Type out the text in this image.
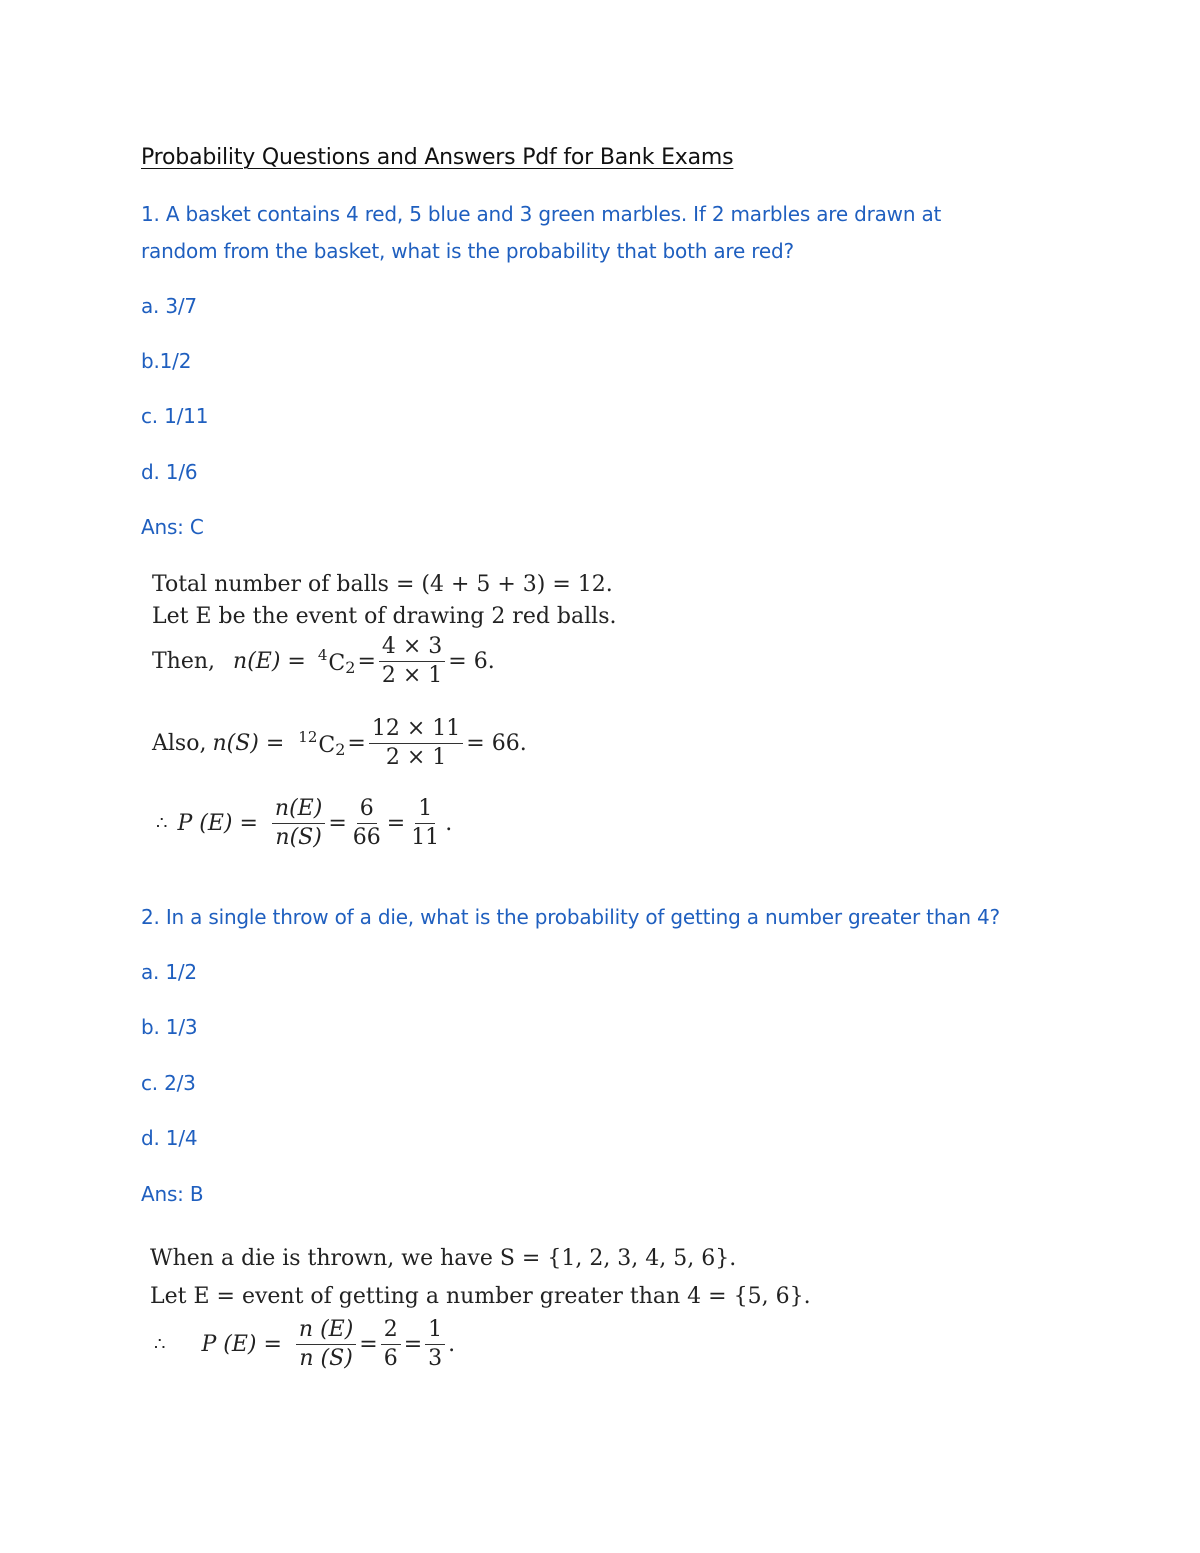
Probability Questions and Answers Pdf for Bank Exams
1. A basket contains 4 red, 5 blue and 3 green marbles. If 2 marbles are drawn at
random from the basket, what is the probability that both are red?
a. 3/7
b.1/2
c. 1/11
d. 1/6
Ans: C
Total number of balls = (4 + 5 + 3) = 12.
Let E be the event of drawing 2 red balls.
Then, $n(E) = ^4C_2 = \frac{4 \times 3}{2 \times 1} = 6$.
Also, $n(S) = ^{12}C_2 = \frac{12 \times 11}{2 \times 1} = 66$.
∴ P $(E) = \frac{n(E)}{n(S)} = \frac{6}{66} = \frac{1}{11}$ .
2. In a single throw of a die, what is the probability of getting a number greater than 4?
a. 1/2
b. 1/3
c. 2/3
d. 1/4
Ans: B
When a die is thrown, we have S = {1, 2, 3, 4, 5, 6}.
Let E = event of getting a number greater than 4 = {5, 6}.
∴ P $(E) = \frac{n (E)}{n (S)} = \frac{2}{6} = \frac{1}{3}$ .
